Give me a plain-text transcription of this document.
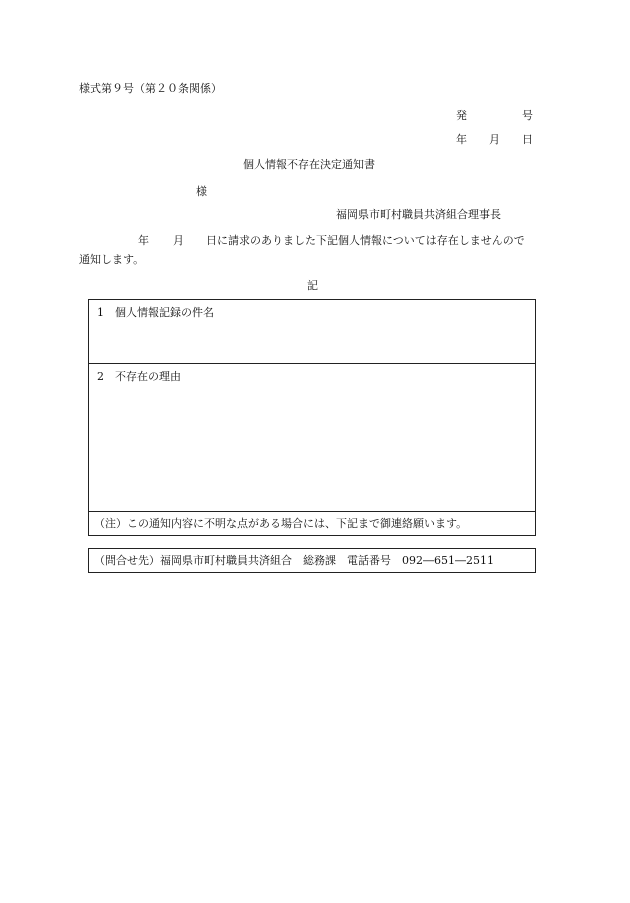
様式第９号（第２０条関係）
発	号
年 月 日
個人情報不存在決定通知書
様
福岡県市町村職員共済組合理事長
年 月 日に請求のありました下記個人情報については存在しませんので
通知します。
記
1　個人情報記録の件名
2　不存在の理由
（注）この通知内容に不明な点がある場合には、下記まで御連絡願います。
（問合せ先）福岡県市町村職員共済組合　総務課　電話番号　092―651―2511
